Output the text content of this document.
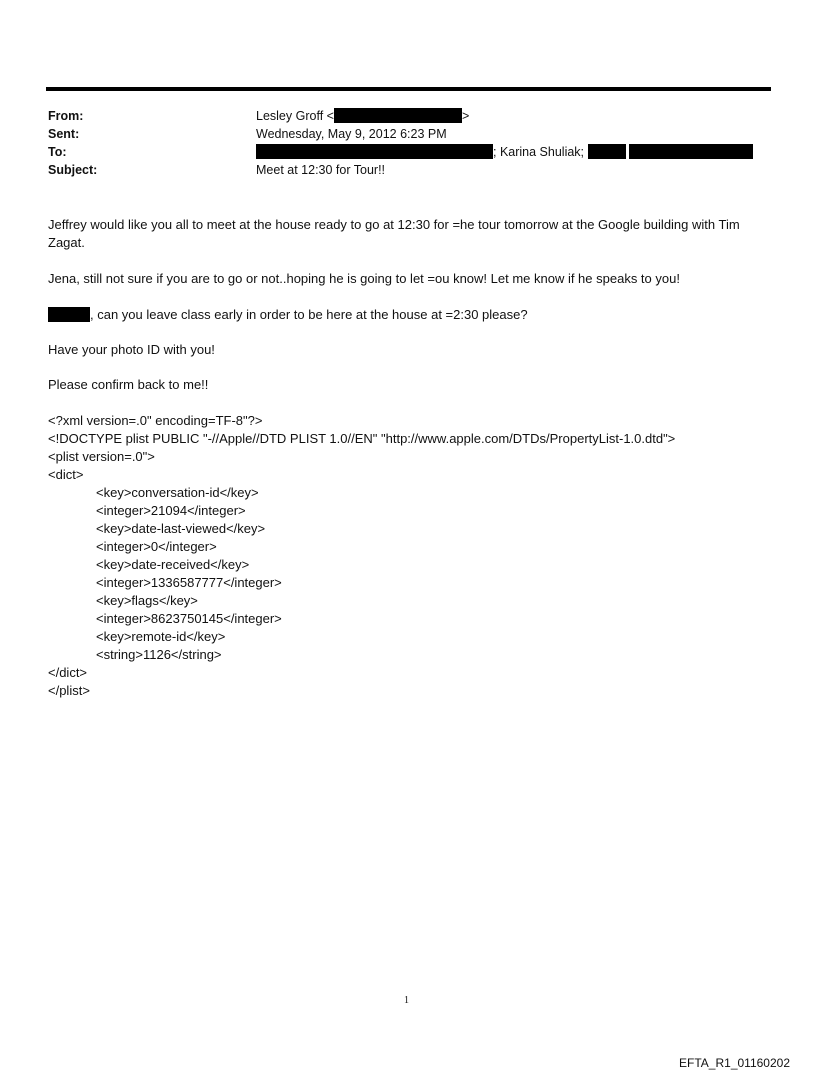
From:	Lesley Groff <	>
Sent:	Wednesday, May 9, 2012 6:23 PM
To:	; Karina Shuliak;
Subject:	Meet at 12:30 for Tour!!

Jeffrey would like you all to meet at the house ready to go at 12:30 for =he tour tomorrow at the Google building with Tim Zagat.

Jena, still not sure if you are to go or not..hoping he is going to let =ou know! Let me know if he speaks to you!

, can you leave class early in order to be here at the house at =2:30 please?

Have your photo ID with you!

Please confirm back to me!!

<?xml version=.0" encoding=TF-8"?>
<!DOCTYPE plist PUBLIC "-//Apple//DTD PLIST 1.0//EN" "http://www.apple.com/DTDs/PropertyList-1.0.dtd">
<plist version=.0">
<dict>
<key>conversation-id</key>
<integer>21094</integer>
<key>date-last-viewed</key>
<integer>0</integer>
<key>date-received</key>
<integer>1336587777</integer>
<key>flags</key>
<integer>8623750145</integer>
<key>remote-id</key>
<string>1126</string>
</dict>
</plist>
1
EFTA_R1_01160202
